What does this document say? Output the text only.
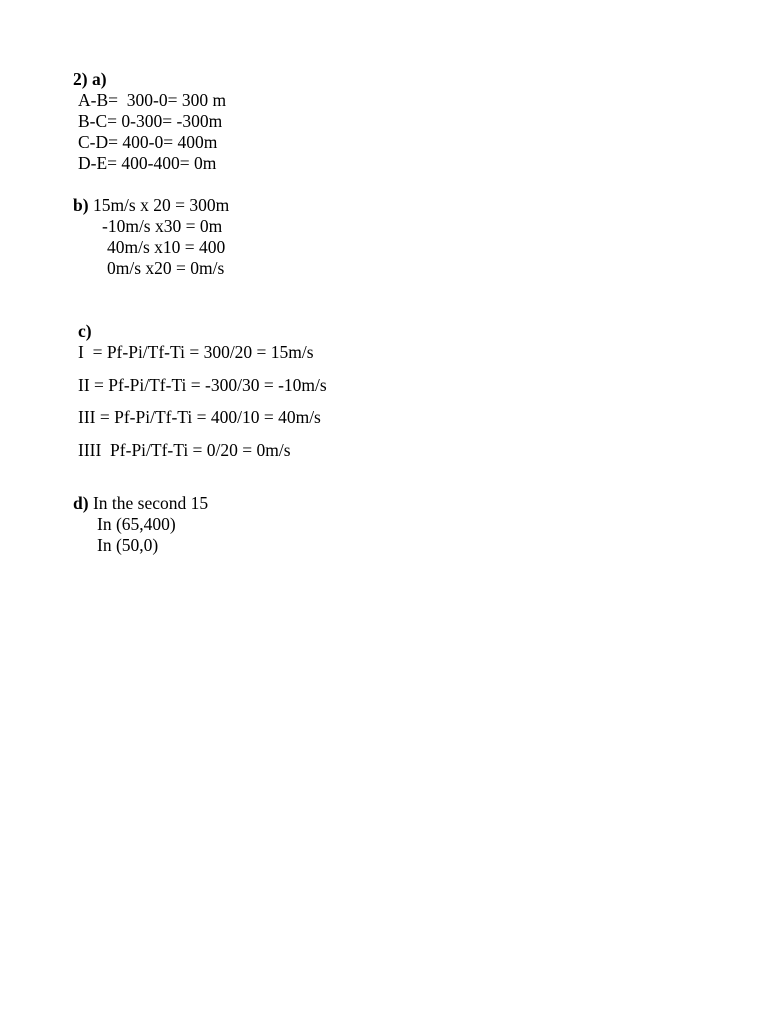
2) a)
A-B=  300-0= 300 m
B-C= 0-300= -300m
C-D= 400-0= 400m
D-E= 400-400= 0m
b) 15m/s x 20 = 300m
-10m/s x30 = 0m
40m/s x10 = 400
0m/s x20 = 0m/s
c)
I  = Pf-Pi/Tf-Ti = 300/20 = 15m/s
II = Pf-Pi/Tf-Ti = -300/30 = -10m/s
III = Pf-Pi/Tf-Ti = 400/10 = 40m/s
IIII  Pf-Pi/Tf-Ti = 0/20 = 0m/s
d) In the second 15
In (65,400)
In (50,0)
